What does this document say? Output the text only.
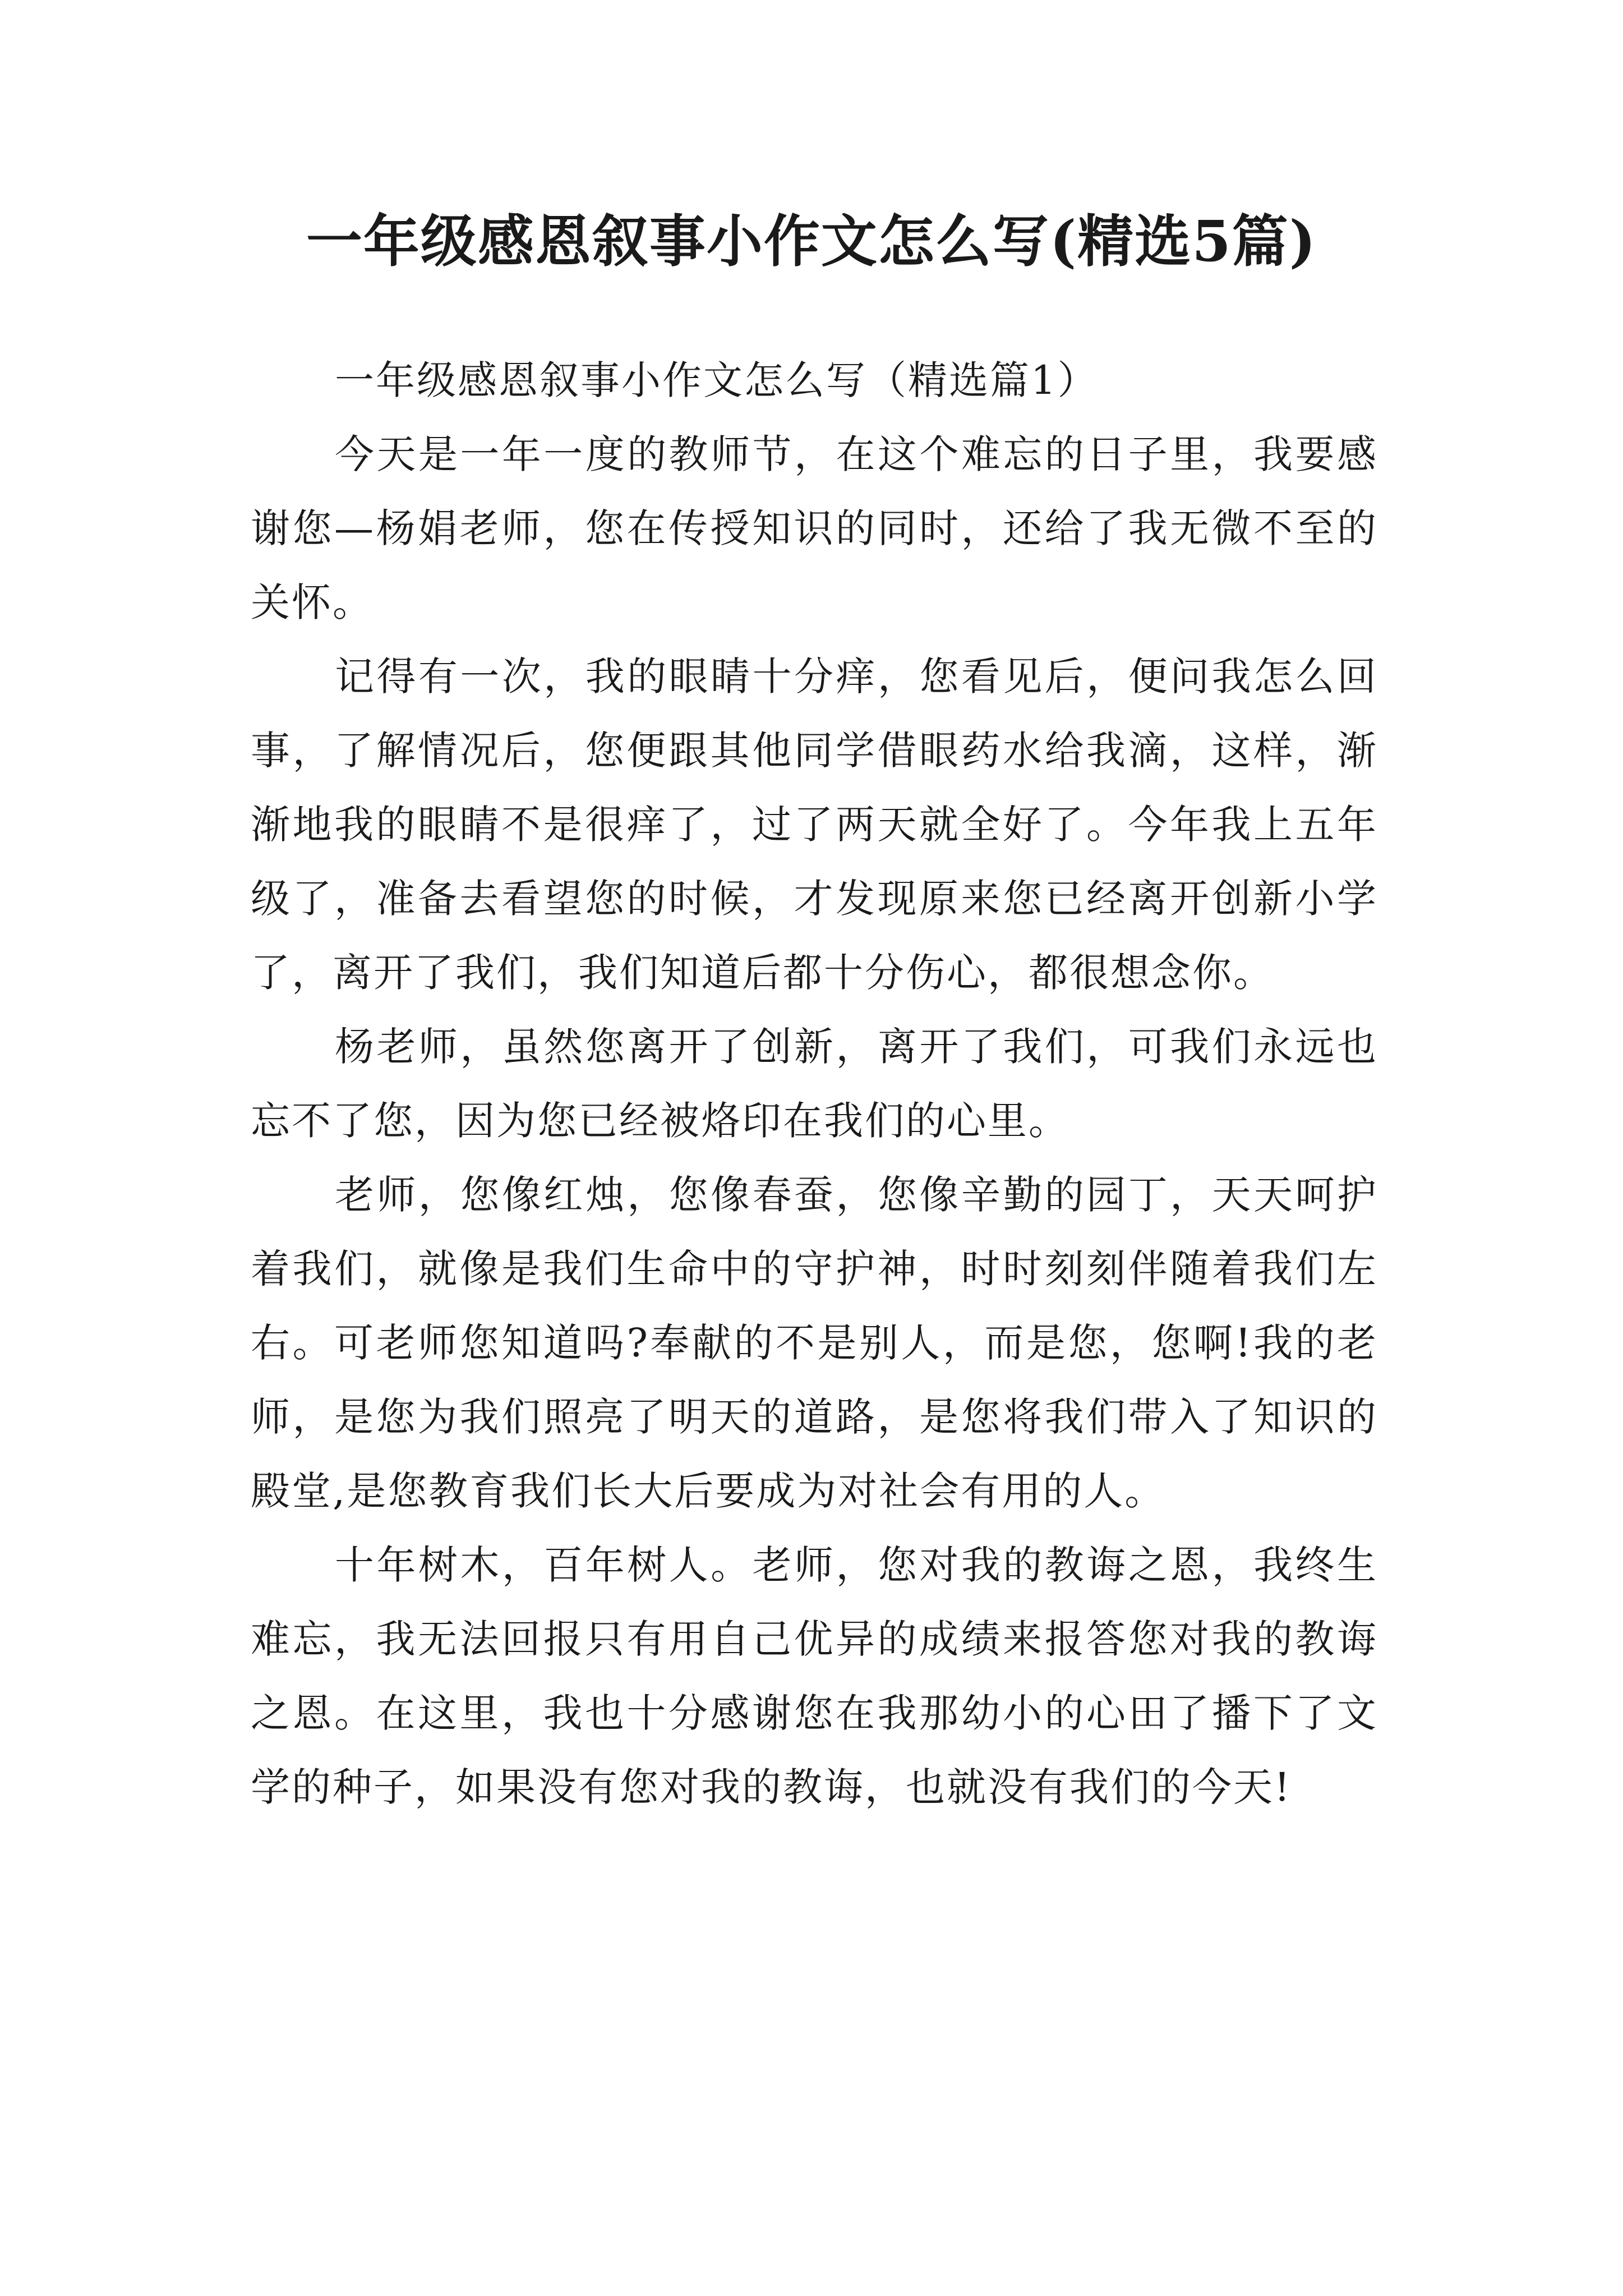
一年级感恩叙事小作文怎么写(精选5篇)

一年级感恩叙事小作文怎么写（精选篇1）

今天是一年一度的教师节，在这个难忘的日子里，我要感谢您—杨娟老师，您在传授知识的同时，还给了我无微不至的关怀。

记得有一次，我的眼睛十分痒，您看见后，便问我怎么回事，了解情况后，您便跟其他同学借眼药水给我滴，这样，渐渐地我的眼睛不是很痒了，过了两天就全好了。今年我上五年级了，准备去看望您的时候，才发现原来您已经离开创新小学了，离开了我们，我们知道后都十分伤心，都很想念你。

杨老师，虽然您离开了创新，离开了我们，可我们永远也忘不了您，因为您已经被烙印在我们的心里。

老师，您像红烛，您像春蚕，您像辛勤的园丁，天天呵护着我们，就像是我们生命中的守护神，时时刻刻伴随着我们左右。可老师您知道吗?奉献的不是别人，而是您，您啊!我的老师，是您为我们照亮了明天的道路，是您将我们带入了知识的殿堂,是您教育我们长大后要成为对社会有用的人。

十年树木，百年树人。老师，您对我的教诲之恩，我终生难忘，我无法回报只有用自己优异的成绩来报答您对我的教诲之恩。在这里，我也十分感谢您在我那幼小的心田了播下了文学的种子，如果没有您对我的教诲，也就没有我们的今天!
